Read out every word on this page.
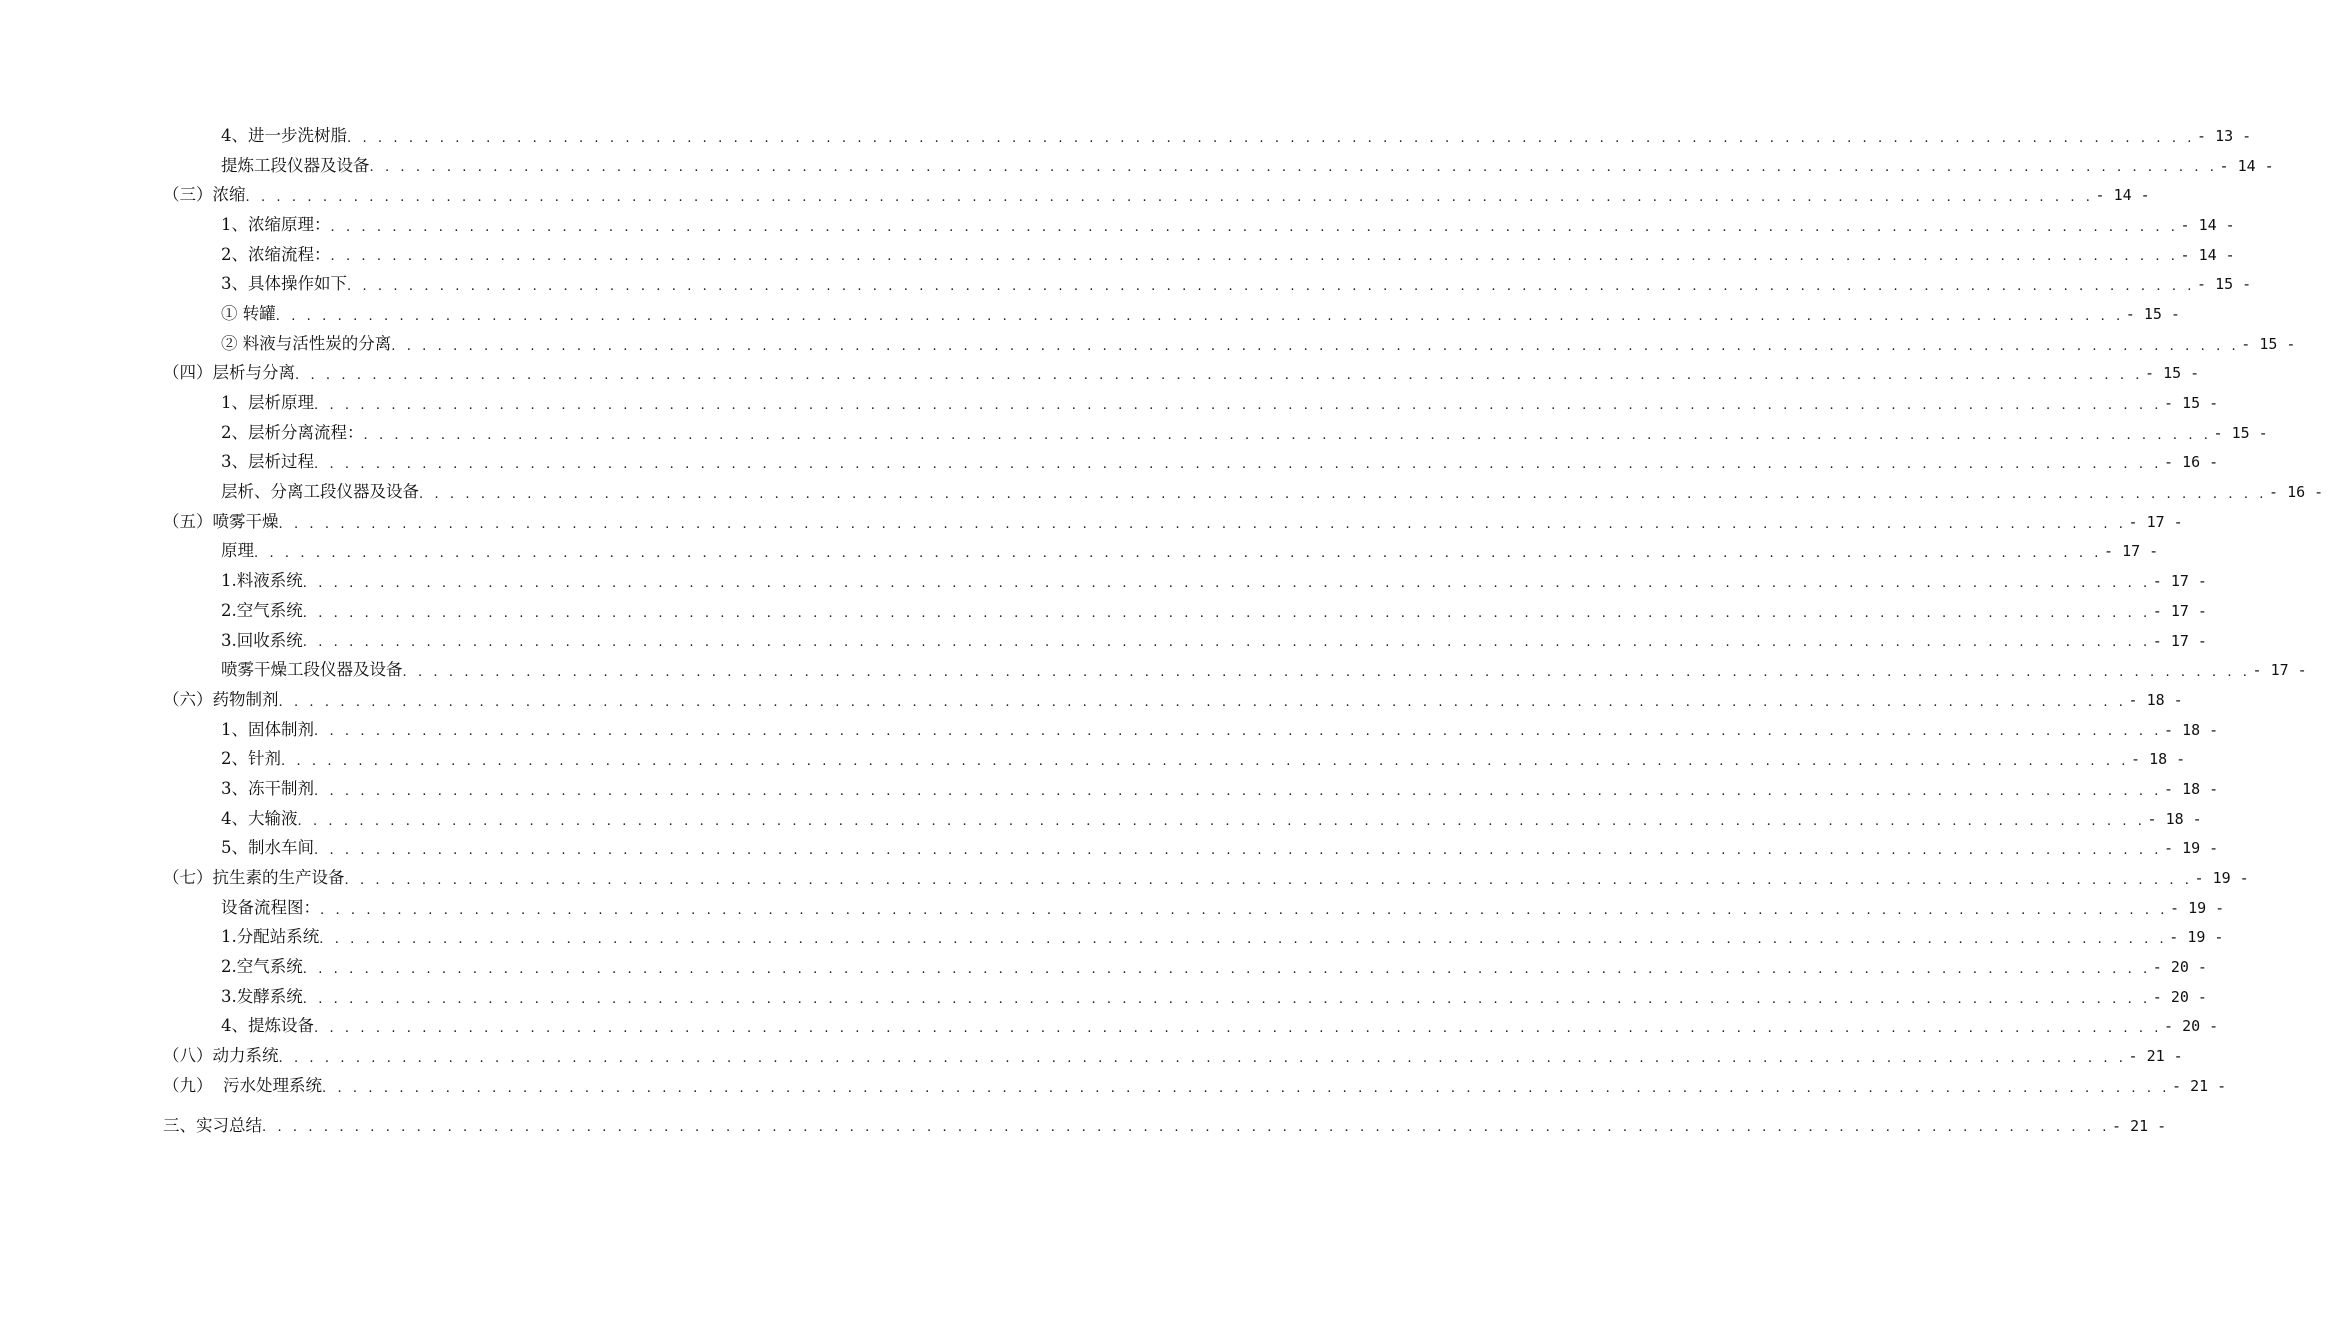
4、进一步洗树脂 . . . . . . . . . . . . . . . . . . . . . . . . . . . . . . . . . . . . . . . . . . . . . . . . . . . . . . . . . . . . . . . . . . . . . . . . . . . . . . . . . . . . . . . . . . . . . . . . . . . . . . . . . . . . . . . . . . . . . . . . - 13 -
提炼工段仪器及设备 . . . . . . . . . . . . . . . . . . . . . . . . . . . . . . . . . . . . . . . . . . . . . . . . . . . . . . . . . . . . . . . . . . . . . . . . . . . . . . . . . . . . . . . . . . . . . . . . . . . . . . . . . . . . . . . . . . . . . . . . - 14 -
（三）浓缩 . . . . . . . . . . . . . . . . . . . . . . . . . . . . . . . . . . . . . . . . . . . . . . . . . . . . . . . . . . . . . . . . . . . . . . . . . . . . . . . . . . . . . . . . . . . . . . . . . . . . . . . . . . . . . . . . . . . . . . . . - 14 -
1、浓缩原理： . . . . . . . . . . . . . . . . . . . . . . . . . . . . . . . . . . . . . . . . . . . . . . . . . . . . . . . . . . . . . . . . . . . . . . . . . . . . . . . . . . . . . . . . . . . . . . . . . . . . . . . . . . . . . . . . . . . . . . . . - 14 -
2、浓缩流程： . . . . . . . . . . . . . . . . . . . . . . . . . . . . . . . . . . . . . . . . . . . . . . . . . . . . . . . . . . . . . . . . . . . . . . . . . . . . . . . . . . . . . . . . . . . . . . . . . . . . . . . . . . . . . . . . . . . . . . . . - 14 -
3、具体操作如下 . . . . . . . . . . . . . . . . . . . . . . . . . . . . . . . . . . . . . . . . . . . . . . . . . . . . . . . . . . . . . . . . . . . . . . . . . . . . . . . . . . . . . . . . . . . . . . . . . . . . . . . . . . . . . . . . . . . . . . . . - 15 -
① 转罐 . . . . . . . . . . . . . . . . . . . . . . . . . . . . . . . . . . . . . . . . . . . . . . . . . . . . . . . . . . . . . . . . . . . . . . . . . . . . . . . . . . . . . . . . . . . . . . . . . . . . . . . . . . . . . . . . . . . . . . . . - 15 -
② 料液与活性炭的分离 . . . . . . . . . . . . . . . . . . . . . . . . . . . . . . . . . . . . . . . . . . . . . . . . . . . . . . . . . . . . . . . . . . . . . . . . . . . . . . . . . . . . . . . . . . . . . . . . . . . . . . . . . . . . . . . . . . . . . . . . - 15 -
（四）层析与分离 . . . . . . . . . . . . . . . . . . . . . . . . . . . . . . . . . . . . . . . . . . . . . . . . . . . . . . . . . . . . . . . . . . . . . . . . . . . . . . . . . . . . . . . . . . . . . . . . . . . . . . . . . . . . . . . . . . . . . . . . - 15 -
1、层析原理 . . . . . . . . . . . . . . . . . . . . . . . . . . . . . . . . . . . . . . . . . . . . . . . . . . . . . . . . . . . . . . . . . . . . . . . . . . . . . . . . . . . . . . . . . . . . . . . . . . . . . . . . . . . . . . . . . . . . . . . . - 15 -
2、层析分离流程： . . . . . . . . . . . . . . . . . . . . . . . . . . . . . . . . . . . . . . . . . . . . . . . . . . . . . . . . . . . . . . . . . . . . . . . . . . . . . . . . . . . . . . . . . . . . . . . . . . . . . . . . . . . . . . . . . . . . . . . . - 15 -
3、层析过程 . . . . . . . . . . . . . . . . . . . . . . . . . . . . . . . . . . . . . . . . . . . . . . . . . . . . . . . . . . . . . . . . . . . . . . . . . . . . . . . . . . . . . . . . . . . . . . . . . . . . . . . . . . . . . . . . . . . . . . . . - 16 -
层析、分离工段仪器及设备 . . . . . . . . . . . . . . . . . . . . . . . . . . . . . . . . . . . . . . . . . . . . . . . . . . . . . . . . . . . . . . . . . . . . . . . . . . . . . . . . . . . . . . . . . . . . . . . . . . . . . . . . . . . . . . . . . . . . . . . . - 16 -
（五）喷雾干燥 . . . . . . . . . . . . . . . . . . . . . . . . . . . . . . . . . . . . . . . . . . . . . . . . . . . . . . . . . . . . . . . . . . . . . . . . . . . . . . . . . . . . . . . . . . . . . . . . . . . . . . . . . . . . . . . . . . . . . . . . - 17 -
原理 . . . . . . . . . . . . . . . . . . . . . . . . . . . . . . . . . . . . . . . . . . . . . . . . . . . . . . . . . . . . . . . . . . . . . . . . . . . . . . . . . . . . . . . . . . . . . . . . . . . . . . . . . . . . . . . . . . . . . . . . - 17 -
1.料液系统 . . . . . . . . . . . . . . . . . . . . . . . . . . . . . . . . . . . . . . . . . . . . . . . . . . . . . . . . . . . . . . . . . . . . . . . . . . . . . . . . . . . . . . . . . . . . . . . . . . . . . . . . . . . . . . . . . . . . . . . . - 17 -
2.空气系统 . . . . . . . . . . . . . . . . . . . . . . . . . . . . . . . . . . . . . . . . . . . . . . . . . . . . . . . . . . . . . . . . . . . . . . . . . . . . . . . . . . . . . . . . . . . . . . . . . . . . . . . . . . . . . . . . . . . . . . . . - 17 -
3.回收系统 . . . . . . . . . . . . . . . . . . . . . . . . . . . . . . . . . . . . . . . . . . . . . . . . . . . . . . . . . . . . . . . . . . . . . . . . . . . . . . . . . . . . . . . . . . . . . . . . . . . . . . . . . . . . . . . . . . . . . . . . - 17 -
喷雾干燥工段仪器及设备 . . . . . . . . . . . . . . . . . . . . . . . . . . . . . . . . . . . . . . . . . . . . . . . . . . . . . . . . . . . . . . . . . . . . . . . . . . . . . . . . . . . . . . . . . . . . . . . . . . . . . . . . . . . . . . . . . . . . . . . . - 17 -
（六）药物制剂 . . . . . . . . . . . . . . . . . . . . . . . . . . . . . . . . . . . . . . . . . . . . . . . . . . . . . . . . . . . . . . . . . . . . . . . . . . . . . . . . . . . . . . . . . . . . . . . . . . . . . . . . . . . . . . . . . . . . . . . . - 18 -
1、固体制剂 . . . . . . . . . . . . . . . . . . . . . . . . . . . . . . . . . . . . . . . . . . . . . . . . . . . . . . . . . . . . . . . . . . . . . . . . . . . . . . . . . . . . . . . . . . . . . . . . . . . . . . . . . . . . . . . . . . . . . . . . - 18 -
2、针剂 . . . . . . . . . . . . . . . . . . . . . . . . . . . . . . . . . . . . . . . . . . . . . . . . . . . . . . . . . . . . . . . . . . . . . . . . . . . . . . . . . . . . . . . . . . . . . . . . . . . . . . . . . . . . . . . . . . . . . . . . - 18 -
3、冻干制剂 . . . . . . . . . . . . . . . . . . . . . . . . . . . . . . . . . . . . . . . . . . . . . . . . . . . . . . . . . . . . . . . . . . . . . . . . . . . . . . . . . . . . . . . . . . . . . . . . . . . . . . . . . . . . . . . . . . . . . . . . - 18 -
4、大输液 . . . . . . . . . . . . . . . . . . . . . . . . . . . . . . . . . . . . . . . . . . . . . . . . . . . . . . . . . . . . . . . . . . . . . . . . . . . . . . . . . . . . . . . . . . . . . . . . . . . . . . . . . . . . . . . . . . . . . . . . - 18 -
5、制水车间 . . . . . . . . . . . . . . . . . . . . . . . . . . . . . . . . . . . . . . . . . . . . . . . . . . . . . . . . . . . . . . . . . . . . . . . . . . . . . . . . . . . . . . . . . . . . . . . . . . . . . . . . . . . . . . . . . . . . . . . . - 19 -
（七）抗生素的生产设备 . . . . . . . . . . . . . . . . . . . . . . . . . . . . . . . . . . . . . . . . . . . . . . . . . . . . . . . . . . . . . . . . . . . . . . . . . . . . . . . . . . . . . . . . . . . . . . . . . . . . . . . . . . . . . . . . . . . . . . . . - 19 -
设备流程图： . . . . . . . . . . . . . . . . . . . . . . . . . . . . . . . . . . . . . . . . . . . . . . . . . . . . . . . . . . . . . . . . . . . . . . . . . . . . . . . . . . . . . . . . . . . . . . . . . . . . . . . . . . . . . . . . . . . . . . . . - 19 -
1.分配站系统 . . . . . . . . . . . . . . . . . . . . . . . . . . . . . . . . . . . . . . . . . . . . . . . . . . . . . . . . . . . . . . . . . . . . . . . . . . . . . . . . . . . . . . . . . . . . . . . . . . . . . . . . . . . . . . . . . . . . . . . . - 19 -
2.空气系统 . . . . . . . . . . . . . . . . . . . . . . . . . . . . . . . . . . . . . . . . . . . . . . . . . . . . . . . . . . . . . . . . . . . . . . . . . . . . . . . . . . . . . . . . . . . . . . . . . . . . . . . . . . . . . . . . . . . . . . . . - 20 -
3.发酵系统 . . . . . . . . . . . . . . . . . . . . . . . . . . . . . . . . . . . . . . . . . . . . . . . . . . . . . . . . . . . . . . . . . . . . . . . . . . . . . . . . . . . . . . . . . . . . . . . . . . . . . . . . . . . . . . . . . . . . . . . . - 20 -
4、提炼设备 . . . . . . . . . . . . . . . . . . . . . . . . . . . . . . . . . . . . . . . . . . . . . . . . . . . . . . . . . . . . . . . . . . . . . . . . . . . . . . . . . . . . . . . . . . . . . . . . . . . . . . . . . . . . . . . . . . . . . . . . - 20 -
（八）动力系统 . . . . . . . . . . . . . . . . . . . . . . . . . . . . . . . . . . . . . . . . . . . . . . . . . . . . . . . . . . . . . . . . . . . . . . . . . . . . . . . . . . . . . . . . . . . . . . . . . . . . . . . . . . . . . . . . . . . . . . . . - 21 -
（九）  污水处理系统 . . . . . . . . . . . . . . . . . . . . . . . . . . . . . . . . . . . . . . . . . . . . . . . . . . . . . . . . . . . . . . . . . . . . . . . . . . . . . . . . . . . . . . . . . . . . . . . . . . . . . . . . . . . . . . . . . . . . . . . . - 21 -
三、实习总结 . . . . . . . . . . . . . . . . . . . . . . . . . . . . . . . . . . . . . . . . . . . . . . . . . . . . . . . . . . . . . . . . . . . . . . . . . . . . . . . . . . . . . . . . . . . . . . . . . . . . . . . . . . . . . . . . . . . . . . . . - 21 -
